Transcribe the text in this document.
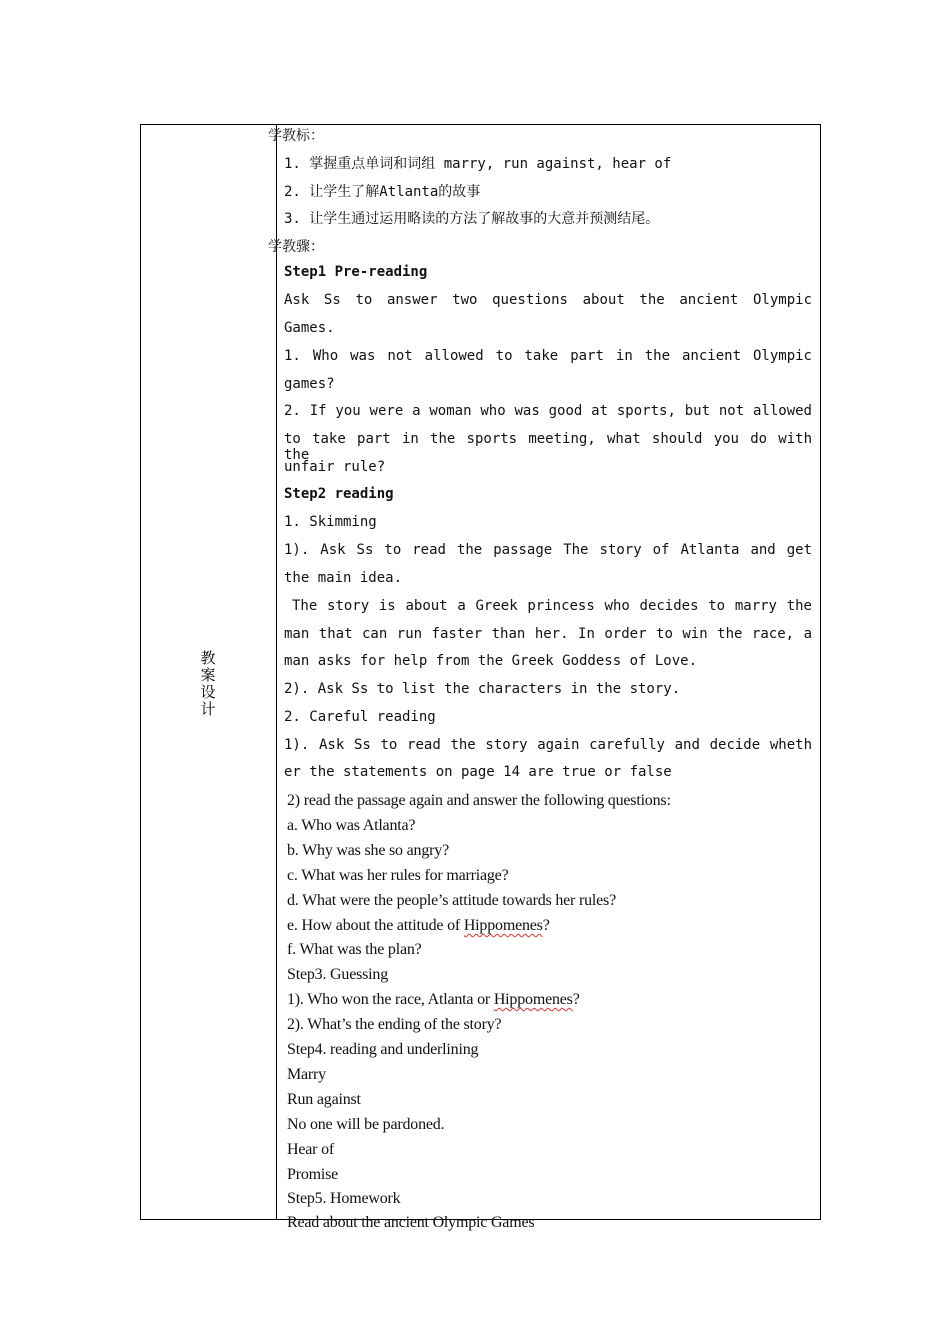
教
案
设
计
学教标：
1. 掌握重点单词和词组 marry, run against, hear of
2. 让学生了解Atlanta的故事
3. 让学生通过运用略读的方法了解故事的大意并预测结尾。
学教骤：
Step1 Pre-reading
Ask Ss to answer two questions about the ancient Olympic
Games.
1. Who was not allowed to take part in the ancient Olympic
games?
2. If you were a woman who was good at sports, but not allowed
to take part in the sports meeting, what should you do with the
unfair rule?
Step2 reading
1. Skimming
1). Ask Ss to read the passage The story of Atlanta and get
the main idea.
The story is about a Greek princess who decides to marry the
man that can run faster than her. In order to win the race, a
man asks for help from the Greek Goddess of Love.
2). Ask Ss to list the characters in the story.
2. Careful reading
1). Ask Ss to read the story again carefully and decide wheth
er the statements on page 14 are true or false
2) read the passage again and answer the following questions:
a. Who was Atlanta?
b. Why was she so angry?
c. What was her rules for marriage?
d. What were the people’s attitude towards her rules?
e. How about the attitude of Hippomenes?
f. What was the plan?
Step3. Guessing
1). Who won the race, Atlanta or Hippomenes?
2). What’s the ending of the story?
Step4. reading and underlining
Marry
Run against
No one will be pardoned.
Hear of
Promise
Step5. Homework
Read about the ancient Olympic Games
